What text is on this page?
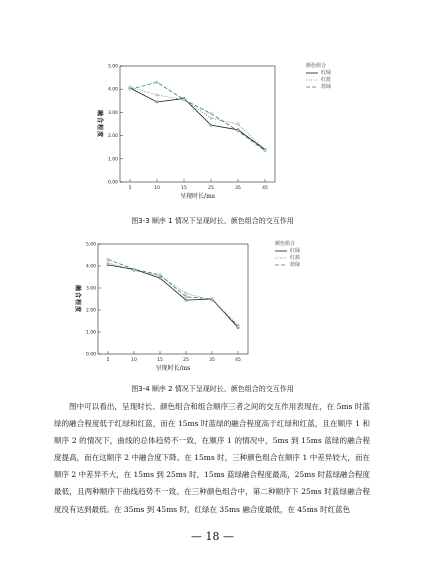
0.00
1.00
2.00
3.00
4.00
5.00
5	10	15	25	35	45
呈现时长/ms
融合程度
颜色组合
红绿
红蓝
蓝绿
图3-3 顺序 1 情况下呈现时长、颜色组合的交互作用
0.00
1.00
2.00
3.00
4.00
5.00
5	10	15	25	35	45
呈现时长/ms
融合程度
颜色组合
红绿
红蓝
蓝绿
图3-4 顺序 2 情况下呈现时长、颜色组合的交互作用

图中可以看出，呈现时长、颜色组合和组合顺序三者之间的交互作用表现在，在 5ms 时蓝绿的融合程度低于红绿和红蓝，而在 15ms 时蓝绿的融合程度高于红绿和红蓝，且在顺序 1 和顺序 2 的情况下，曲线的总体趋势不一致，在顺序 1 的情况中，5ms 到 15ms 蓝绿的融合程度提高，而在这顺序 2 中融合度下降。在 15ms 时，三种颜色组合在顺序 1 中差异较大，而在顺序 2 中差异不大，在 15ms 到 25ms 时，15ms 蓝绿融合程度最高，25ms 时蓝绿融合程度最低，且两种顺序下曲线趋势不一致。在三种颜色组合中，第二种顺序下 25ms 时蓝绿融合程度没有达到最低。在 35ms 到 45ms 时，红绿在 35ms 融合度最低，在 45ms 时红蓝色

— 18 —
